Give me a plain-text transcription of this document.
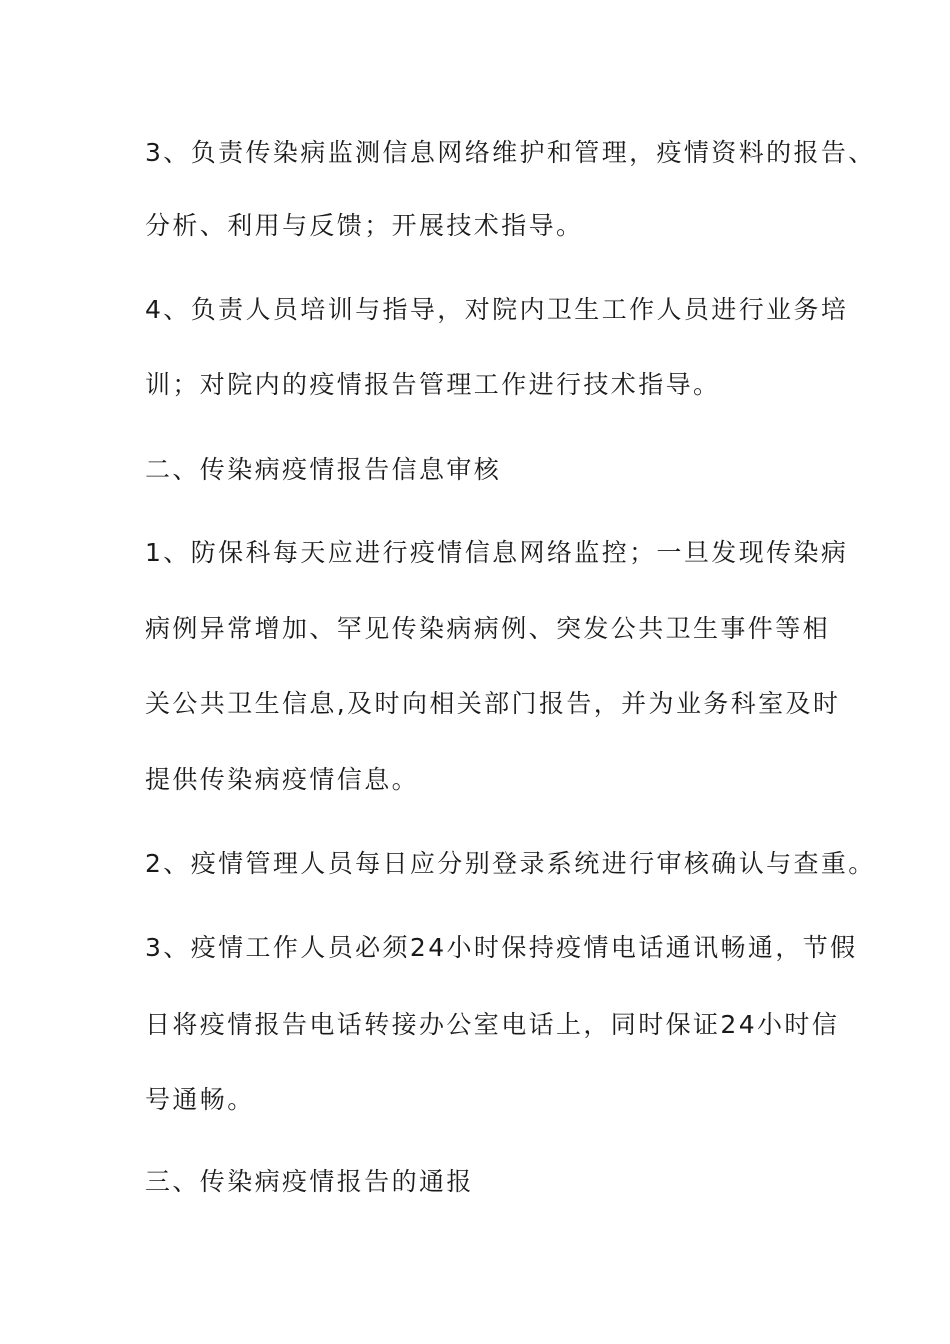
3、负责传染病监测信息网络维护和管理，疫情资料的报告、
分析、利用与反馈；开展技术指导。
4、负责人员培训与指导，对院内卫生工作人员进行业务培
训；对院内的疫情报告管理工作进行技术指导。
二、传染病疫情报告信息审核
1、防保科每天应进行疫情信息网络监控；一旦发现传染病
病例异常增加、罕见传染病病例、突发公共卫生事件等相
关公共卫生信息,及时向相关部门报告，并为业务科室及时
提供传染病疫情信息。
2、疫情管理人员每日应分别登录系统进行审核确认与查重。
3、疫情工作人员必须24小时保持疫情电话通讯畅通，节假
日将疫情报告电话转接办公室电话上，同时保证24小时信
号通畅。
三、传染病疫情报告的通报
